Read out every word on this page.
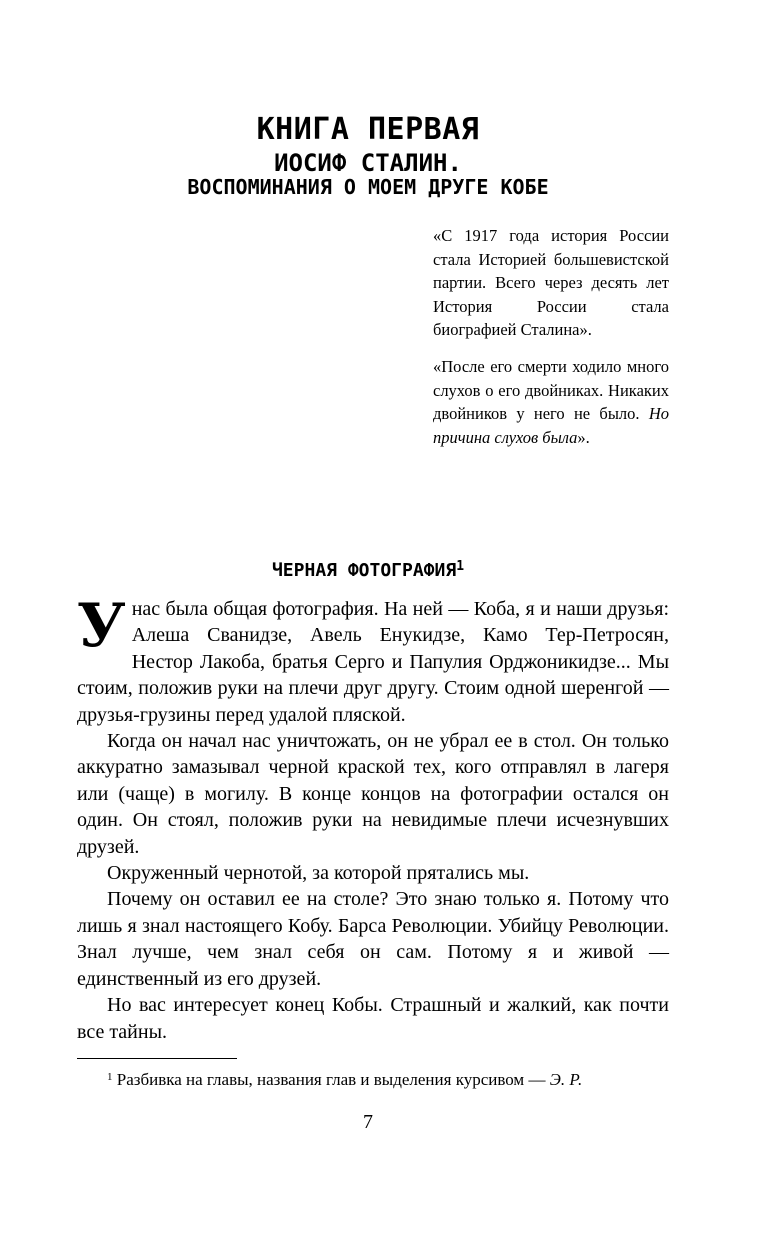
КНИГА ПЕРВАЯ
ИОСИФ СТАЛИН.
ВОСПОМИНАНИЯ О МОЕМ ДРУГЕ КОБЕ

«С 1917 года история России стала Историей большевистской партии. Всего через десять лет История России стала биографией Сталина».

«После его смерти ходило много слухов о его двойниках. Никаких двойников у него не было. Но причина слухов была».

ЧЕРНАЯ ФОТОГРАФИЯ$^1$

Унас была общая фотография. На ней — Коба, я и наши друзья: Алеша Сванидзе, Авель Енукидзе, Камо Тер-Петросян, Нестор Лакоба, братья Серго и Папулия Орджоникидзе... Мы стоим, положив руки на плечи друг другу. Стоим одной шеренгой — друзья-грузины перед удалой пляской.

Когда он начал нас уничтожать, он не убрал ее в стол. Он только аккуратно замазывал черной краской тех, кого отправлял в лагеря или (чаще) в могилу. В конце концов на фотографии остался он один. Он стоял, положив руки на невидимые плечи исчезнувших друзей.

Окруженный чернотой, за которой прятались мы.

Почему он оставил ее на столе? Это знаю только я. Потому что лишь я знал настоящего Кобу. Барса Революции. Убийцу Революции. Знал лучше, чем знал себя он сам. Потому я и живой — единственный из его друзей.

Но вас интересует конец Кобы. Страшный и жалкий, как почти все тайны.

$^1$ Разбивка на главы, названия глав и выделения курсивом — Э. Р.
7
